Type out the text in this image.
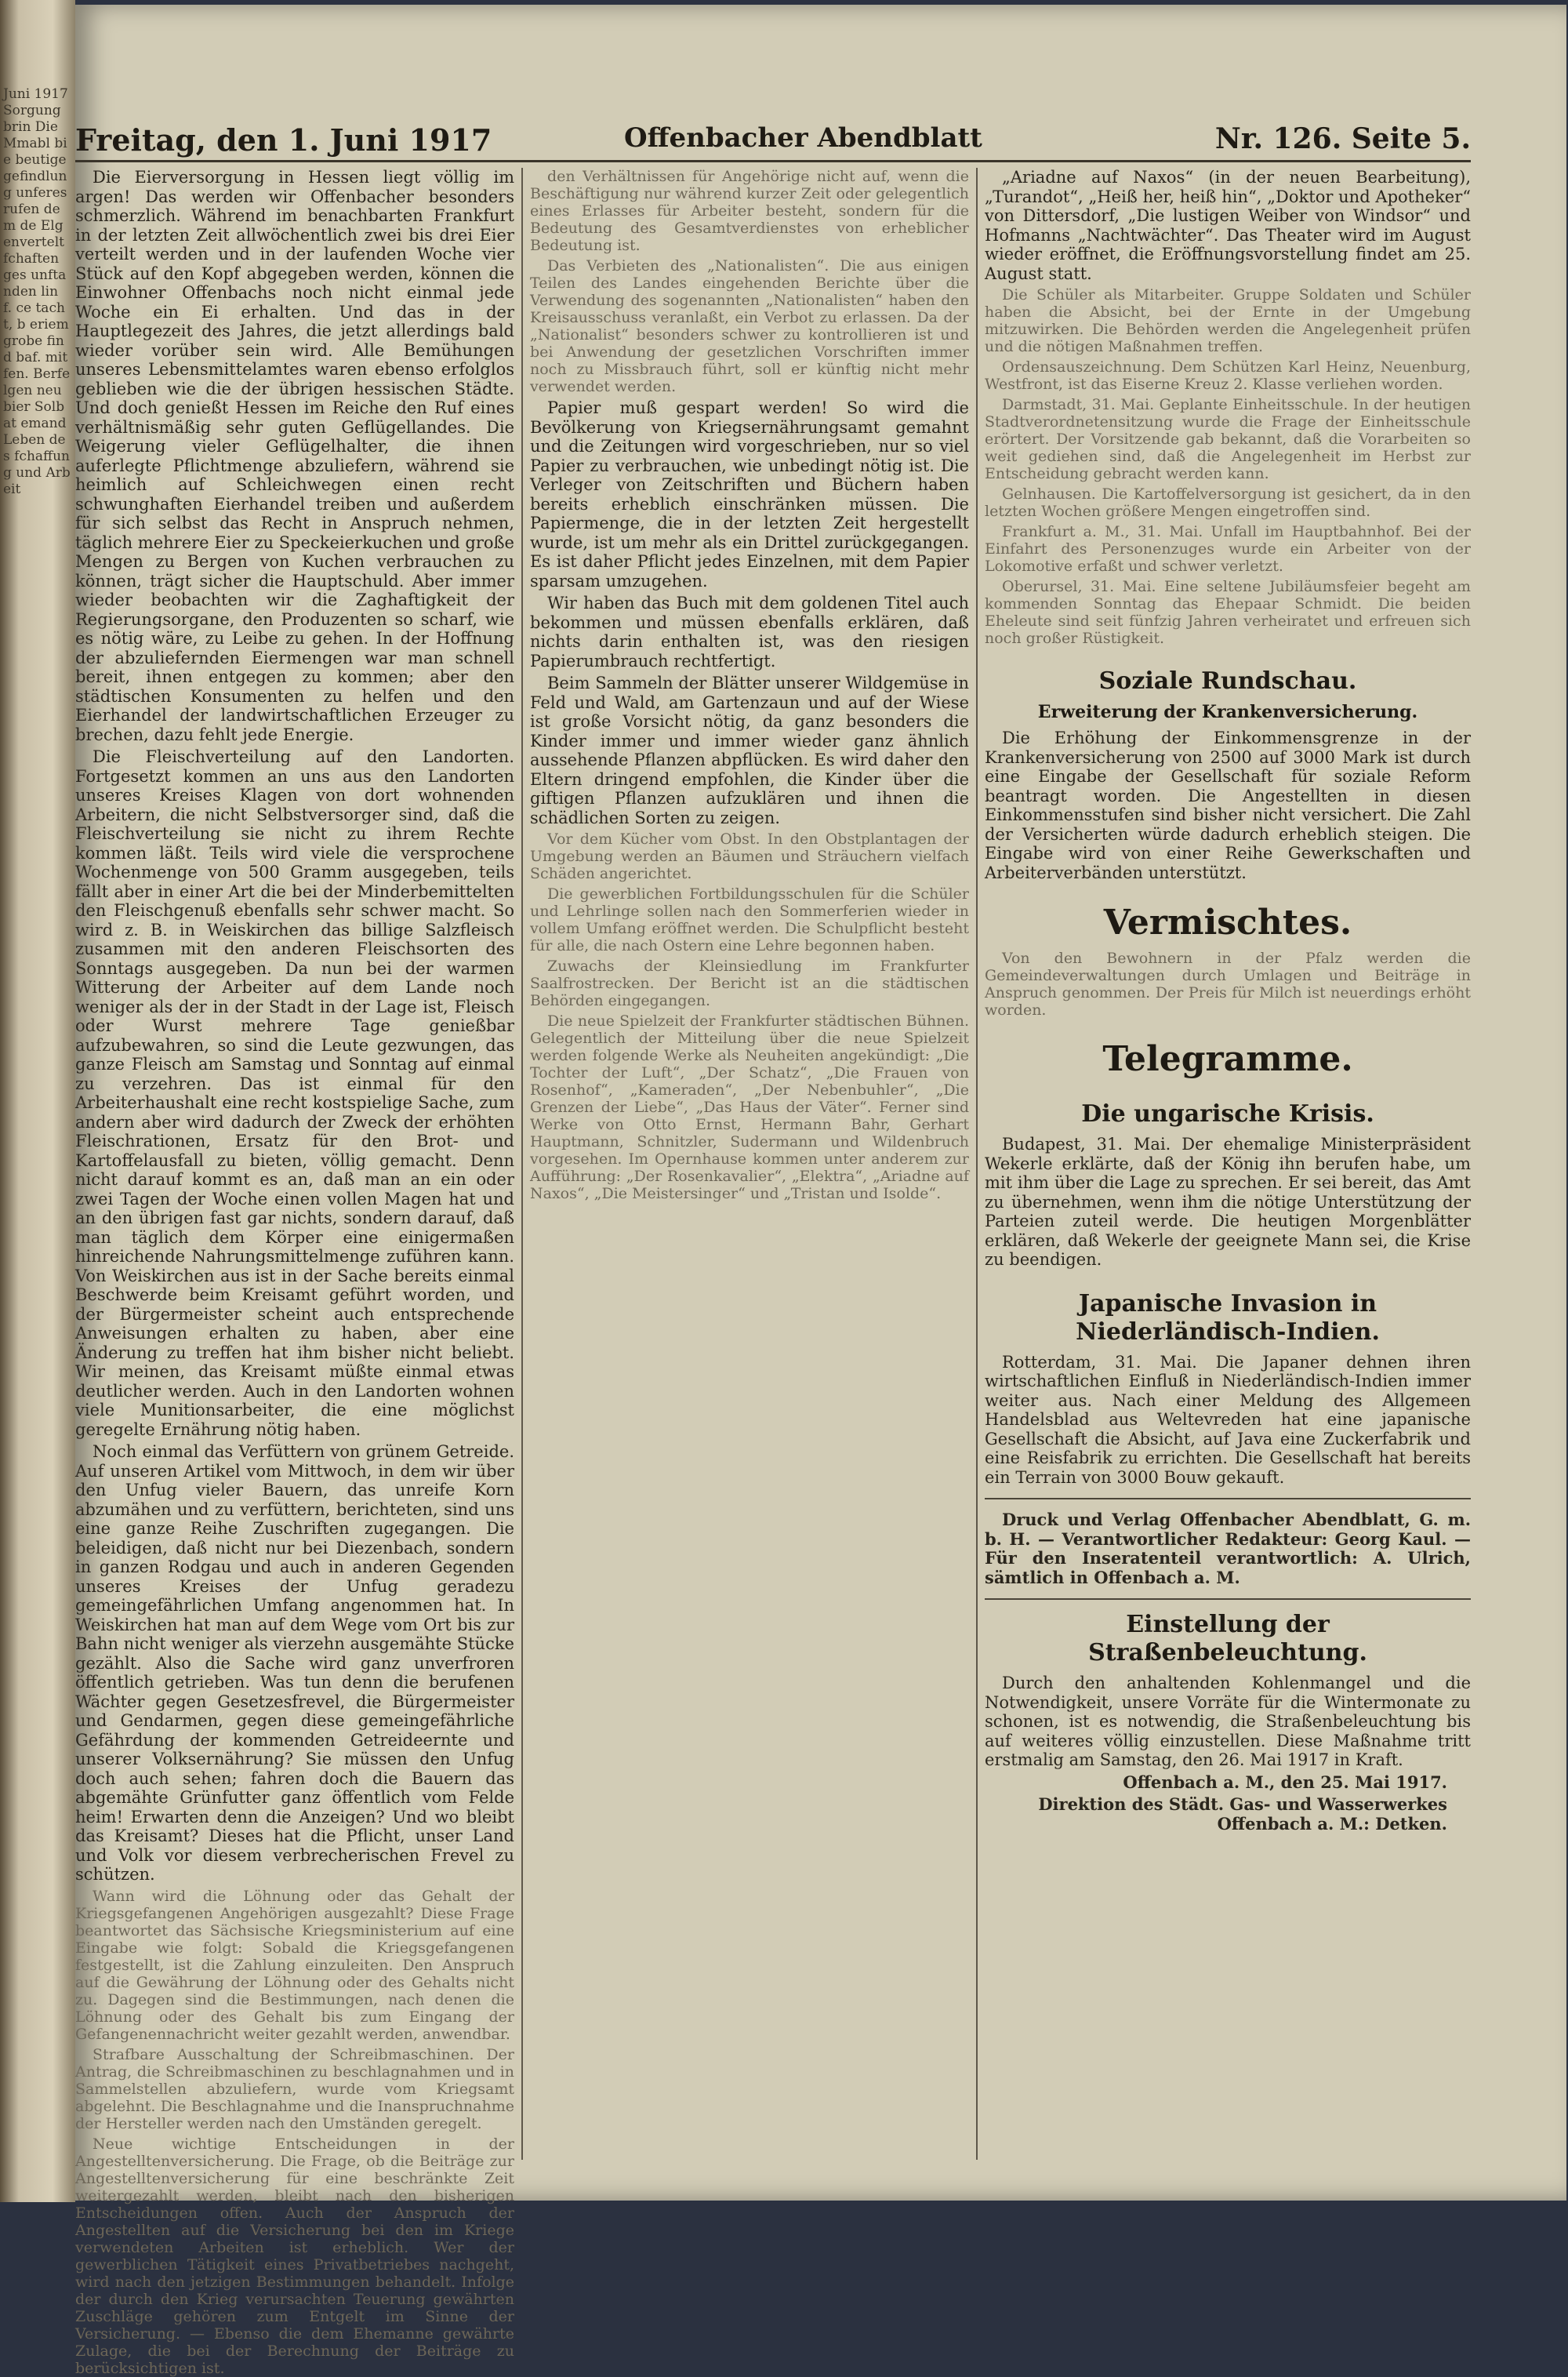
Juni 1917 Sorgung brin Die Mmabl bie beutige gefindlung unferes rufen dem de Elgenvertelt fchaften ges unftanden lin f. ce tacht, b eriem grobe find baf. mit fen. Berfelgen neu bier Solbat emand Leben des fchaffung und Arbeit
Freitag, den 1. Juni 1917	Offenbacher Abendblatt	Nr. 126. Seite 5.

Die Eierversorgung in Hessen liegt völlig im argen! Das werden wir Offenbacher besonders schmerzlich. Während im benachbarten Frankfurt in der letzten Zeit allwöchentlich zwei bis drei Eier verteilt werden und in der laufenden Woche vier Stück auf den Kopf abgegeben werden, können die Einwohner Offenbachs noch nicht einmal jede Woche ein Ei erhalten. Und das in der Hauptlegezeit des Jahres, die jetzt allerdings bald wieder vorüber sein wird. Alle Bemühungen unseres Lebensmittelamtes waren ebenso erfolglos geblieben wie die der übrigen hessischen Städte. Und doch genießt Hessen im Reiche den Ruf eines verhältnismäßig sehr guten Geflügellandes. Die Weigerung vieler Geflügelhalter, die ihnen auferlegte Pflichtmenge abzuliefern, während sie heimlich auf Schleichwegen einen recht schwunghaften Eierhandel treiben und außerdem für sich selbst das Recht in Anspruch nehmen, täglich mehrere Eier zu Speckeierkuchen und große Mengen zu Bergen von Kuchen verbrauchen zu können, trägt sicher die Hauptschuld. Aber immer wieder beobachten wir die Zaghaftigkeit der Regierungsorgane, den Produzenten so scharf, wie es nötig wäre, zu Leibe zu gehen. In der Hoffnung der abzuliefernden Eiermengen war man schnell bereit, ihnen entgegen zu kommen; aber den städtischen Konsumenten zu helfen und den Eierhandel der landwirtschaftlichen Erzeuger zu brechen, dazu fehlt jede Energie.

Die Fleischverteilung auf den Landorten. Fortgesetzt kommen an uns aus den Landorten unseres Kreises Klagen von dort wohnenden Arbeitern, die nicht Selbstversorger sind, daß die Fleischverteilung sie nicht zu ihrem Rechte kommen läßt. Teils wird viele die versprochene Wochenmenge von 500 Gramm ausgegeben, teils fällt aber in einer Art die bei der Minderbemittelten den Fleischgenuß ebenfalls sehr schwer macht. So wird z. B. in Weiskirchen das billige Salzfleisch zusammen mit den anderen Fleischsorten des Sonntags ausgegeben. Da nun bei der warmen Witterung der Arbeiter auf dem Lande noch weniger als der in der Stadt in der Lage ist, Fleisch oder Wurst mehrere Tage genießbar aufzubewahren, so sind die Leute gezwungen, das ganze Fleisch am Samstag und Sonntag auf einmal zu verzehren. Das ist einmal für den Arbeiterhaushalt eine recht kostspielige Sache, zum andern aber wird dadurch der Zweck der erhöhten Fleischrationen, Ersatz für den Brot- und Kartoffelausfall zu bieten, völlig gemacht. Denn nicht darauf kommt es an, daß man an ein oder zwei Tagen der Woche einen vollen Magen hat und an den übrigen fast gar nichts, sondern darauf, daß man täglich dem Körper eine einigermaßen hinreichende Nahrungsmittelmenge zuführen kann. Von Weiskirchen aus ist in der Sache bereits einmal Beschwerde beim Kreisamt geführt worden, und der Bürgermeister scheint auch entsprechende Anweisungen erhalten zu haben, aber eine Änderung zu treffen hat ihm bisher nicht beliebt. Wir meinen, das Kreisamt müßte einmal etwas deutlicher werden. Auch in den Landorten wohnen viele Munitionsarbeiter, die eine möglichst geregelte Ernährung nötig haben.

Noch einmal das Verfüttern von grünem Getreide. Auf unseren Artikel vom Mittwoch, in dem wir über den Unfug vieler Bauern, das unreife Korn abzumähen und zu verfüttern, berichteten, sind uns eine ganze Reihe Zuschriften zugegangen. Die beleidigen, daß nicht nur bei Diezenbach, sondern in ganzen Rodgau und auch in anderen Gegenden unseres Kreises der Unfug geradezu gemeingefährlichen Umfang angenommen hat. In Weiskirchen hat man auf dem Wege vom Ort bis zur Bahn nicht weniger als vierzehn ausgemähte Stücke gezählt. Also die Sache wird ganz unverfroren öffentlich getrieben. Was tun denn die berufenen Wächter gegen Gesetzesfrevel, die Bürgermeister und Gendarmen, gegen diese gemeingefährliche Gefährdung der kommenden Getreideernte und unserer Volksernährung? Sie müssen den Unfug doch auch sehen; fahren doch die Bauern das abgemähte Grünfutter ganz öffentlich vom Felde heim! Erwarten denn die Anzeigen? Und wo bleibt das Kreisamt? Dieses hat die Pflicht, unser Land und Volk vor diesem verbrecherischen Frevel zu schützen.

Wann wird die Löhnung oder das Gehalt der Kriegsgefangenen Angehörigen ausgezahlt? Diese Frage beantwortet das Sächsische Kriegsministerium auf eine Eingabe wie folgt: Sobald die Kriegsgefangenen festgestellt, ist die Zahlung einzuleiten. Den Anspruch auf die Gewährung der Löhnung oder des Gehalts nicht zu. Dagegen sind die Bestimmungen, nach denen die Löhnung oder des Gehalt bis zum Eingang der Gefangenennachricht weiter gezahlt werden, anwendbar.

Strafbare Ausschaltung der Schreibmaschinen. Der Antrag, die Schreibmaschinen zu beschlagnahmen und in Sammelstellen abzuliefern, wurde vom Kriegsamt abgelehnt. Die Beschlagnahme und die Inanspruchnahme der Hersteller werden nach den Umständen geregelt.

Neue wichtige Entscheidungen in der Angestelltenversicherung. Die Frage, ob die Beiträge zur Angestelltenversicherung für eine beschränkte Zeit weitergezahlt werden, bleibt nach den bisherigen Entscheidungen offen. Auch der Anspruch der Angestellten auf die Versicherung bei den im Kriege verwendeten Arbeiten ist erheblich. Wer der gewerblichen Tätigkeit eines Privatbetriebes nachgeht, wird nach den jetzigen Bestimmungen behandelt. Infolge der durch den Krieg verursachten Teuerung gewährten Zuschläge gehören zum Entgelt im Sinne der Versicherung. — Ebenso die dem Ehemanne gewährte Zulage, die bei der Berechnung der Beiträge zu berücksichtigen ist.

den Verhältnissen für Angehörige nicht auf, wenn die Beschäftigung nur während kurzer Zeit oder gelegentlich eines Erlasses für Arbeiter besteht, sondern für die Bedeutung des Gesamtverdienstes von erheblicher Bedeutung ist.

Das Verbieten des „Nationalisten“. Die aus einigen Teilen des Landes eingehenden Berichte über die Verwendung des sogenannten „Nationalisten“ haben den Kreisausschuss veranlaßt, ein Verbot zu erlassen. Da der „Nationalist“ besonders schwer zu kontrollieren ist und bei Anwendung der gesetzlichen Vorschriften immer noch zu Missbrauch führt, soll er künftig nicht mehr verwendet werden.

Papier muß gespart werden! So wird die Bevölkerung von Kriegsernährungsamt gemahnt und die Zeitungen wird vorgeschrieben, nur so viel Papier zu verbrauchen, wie unbedingt nötig ist. Die Verleger von Zeitschriften und Büchern haben bereits erheblich einschränken müssen. Die Papiermenge, die in der letzten Zeit hergestellt wurde, ist um mehr als ein Drittel zurückgegangen. Es ist daher Pflicht jedes Einzelnen, mit dem Papier sparsam umzugehen.

Wir haben das Buch mit dem goldenen Titel auch bekommen und müssen ebenfalls erklären, daß nichts darin enthalten ist, was den riesigen Papierumbrauch rechtfertigt.

Beim Sammeln der Blätter unserer Wildgemüse in Feld und Wald, am Gartenzaun und auf der Wiese ist große Vorsicht nötig, da ganz besonders die Kinder immer und immer wieder ganz ähnlich aussehende Pflanzen abpflücken. Es wird daher den Eltern dringend empfohlen, die Kinder über die giftigen Pflanzen aufzuklären und ihnen die schädlichen Sorten zu zeigen.

Vor dem Kücher vom Obst. In den Obstplantagen der Umgebung werden an Bäumen und Sträuchern vielfach Schäden angerichtet.

Die gewerblichen Fortbildungsschulen für die Schüler und Lehrlinge sollen nach den Sommerferien wieder in vollem Umfang eröffnet werden. Die Schulpflicht besteht für alle, die nach Ostern eine Lehre begonnen haben.

Zuwachs der Kleinsiedlung im Frankfurter Saalfrostrecken. Der Bericht ist an die städtischen Behörden eingegangen.

Die neue Spielzeit der Frankfurter städtischen Bühnen. Gelegentlich der Mitteilung über die neue Spielzeit werden folgende Werke als Neuheiten angekündigt: „Die Tochter der Luft“, „Der Schatz“, „Die Frauen von Rosenhof“, „Kameraden“, „Der Nebenbuhler“, „Die Grenzen der Liebe“, „Das Haus der Väter“. Ferner sind Werke von Otto Ernst, Hermann Bahr, Gerhart Hauptmann, Schnitzler, Sudermann und Wildenbruch vorgesehen. Im Opernhause kommen unter anderem zur Aufführung: „Der Rosenkavalier“, „Elektra“, „Ariadne auf Naxos“, „Die Meistersinger“ und „Tristan und Isolde“.

„Ariadne auf Naxos“ (in der neuen Bearbeitung), „Turandot“, „Heiß her, heiß hin“, „Doktor und Apotheker“ von Dittersdorf, „Die lustigen Weiber von Windsor“ und Hofmanns „Nachtwächter“. Das Theater wird im August wieder eröffnet, die Eröffnungsvorstellung findet am 25. August statt.

Die Schüler als Mitarbeiter. Gruppe Soldaten und Schüler haben die Absicht, bei der Ernte in der Umgebung mitzuwirken. Die Behörden werden die Angelegenheit prüfen und die nötigen Maßnahmen treffen.

Ordensauszeichnung. Dem Schützen Karl Heinz, Neuenburg, Westfront, ist das Eiserne Kreuz 2. Klasse verliehen worden.

Darmstadt, 31. Mai. Geplante Einheitsschule. In der heutigen Stadtverordnetensitzung wurde die Frage der Einheitsschule erörtert. Der Vorsitzende gab bekannt, daß die Vorarbeiten so weit gediehen sind, daß die Angelegenheit im Herbst zur Entscheidung gebracht werden kann.

Gelnhausen. Die Kartoffelversorgung ist gesichert, da in den letzten Wochen größere Mengen eingetroffen sind.

Frankfurt a. M., 31. Mai. Unfall im Hauptbahnhof. Bei der Einfahrt des Personenzuges wurde ein Arbeiter von der Lokomotive erfaßt und schwer verletzt.

Oberursel, 31. Mai. Eine seltene Jubiläumsfeier begeht am kommenden Sonntag das Ehepaar Schmidt. Die beiden Eheleute sind seit fünfzig Jahren verheiratet und erfreuen sich noch großer Rüstigkeit.

Soziale Rundschau.
Erweiterung der Krankenversicherung.

Die Erhöhung der Einkommensgrenze in der Krankenversicherung von 2500 auf 3000 Mark ist durch eine Eingabe der Gesellschaft für soziale Reform beantragt worden. Die Angestellten in diesen Einkommensstufen sind bisher nicht versichert. Die Zahl der Versicherten würde dadurch erheblich steigen. Die Eingabe wird von einer Reihe Gewerkschaften und Arbeiterverbänden unterstützt.

Vermischtes.

Von den Bewohnern in der Pfalz werden die Gemeindeverwaltungen durch Umlagen und Beiträge in Anspruch genommen. Der Preis für Milch ist neuerdings erhöht worden.

Telegramme.
Die ungarische Krisis.

Budapest, 31. Mai. Der ehemalige Ministerpräsident Wekerle erklärte, daß der König ihn berufen habe, um mit ihm über die Lage zu sprechen. Er sei bereit, das Amt zu übernehmen, wenn ihm die nötige Unterstützung der Parteien zuteil werde. Die heutigen Morgenblätter erklären, daß Wekerle der geeignete Mann sei, die Krise zu beendigen.

Japanische Invasion in Niederländisch-Indien.

Rotterdam, 31. Mai. Die Japaner dehnen ihren wirtschaftlichen Einfluß in Niederländisch-Indien immer weiter aus. Nach einer Meldung des Allgemeen Handelsblad aus Weltevreden hat eine japanische Gesellschaft die Absicht, auf Java eine Zuckerfabrik und eine Reisfabrik zu errichten. Die Gesellschaft hat bereits ein Terrain von 3000 Bouw gekauft.

Druck und Verlag Offenbacher Abendblatt, G. m. b. H. — Verantwortlicher Redakteur: Georg Kaul. — Für den Inseratenteil verantwortlich: A. Ulrich, sämtlich in Offenbach a. M.

Einstellung der Straßenbeleuchtung.

Durch den anhaltenden Kohlenmangel und die Notwendigkeit, unsere Vorräte für die Wintermonate zu schonen, ist es notwendig, die Straßenbeleuchtung bis auf weiteres völlig einzustellen. Diese Maßnahme tritt erstmalig am Samstag, den 26. Mai 1917 in Kraft.

Offenbach a. M., den 25. Mai 1917.
Direktion des Städt. Gas- und Wasserwerkes Offenbach a. M.: Detken.
